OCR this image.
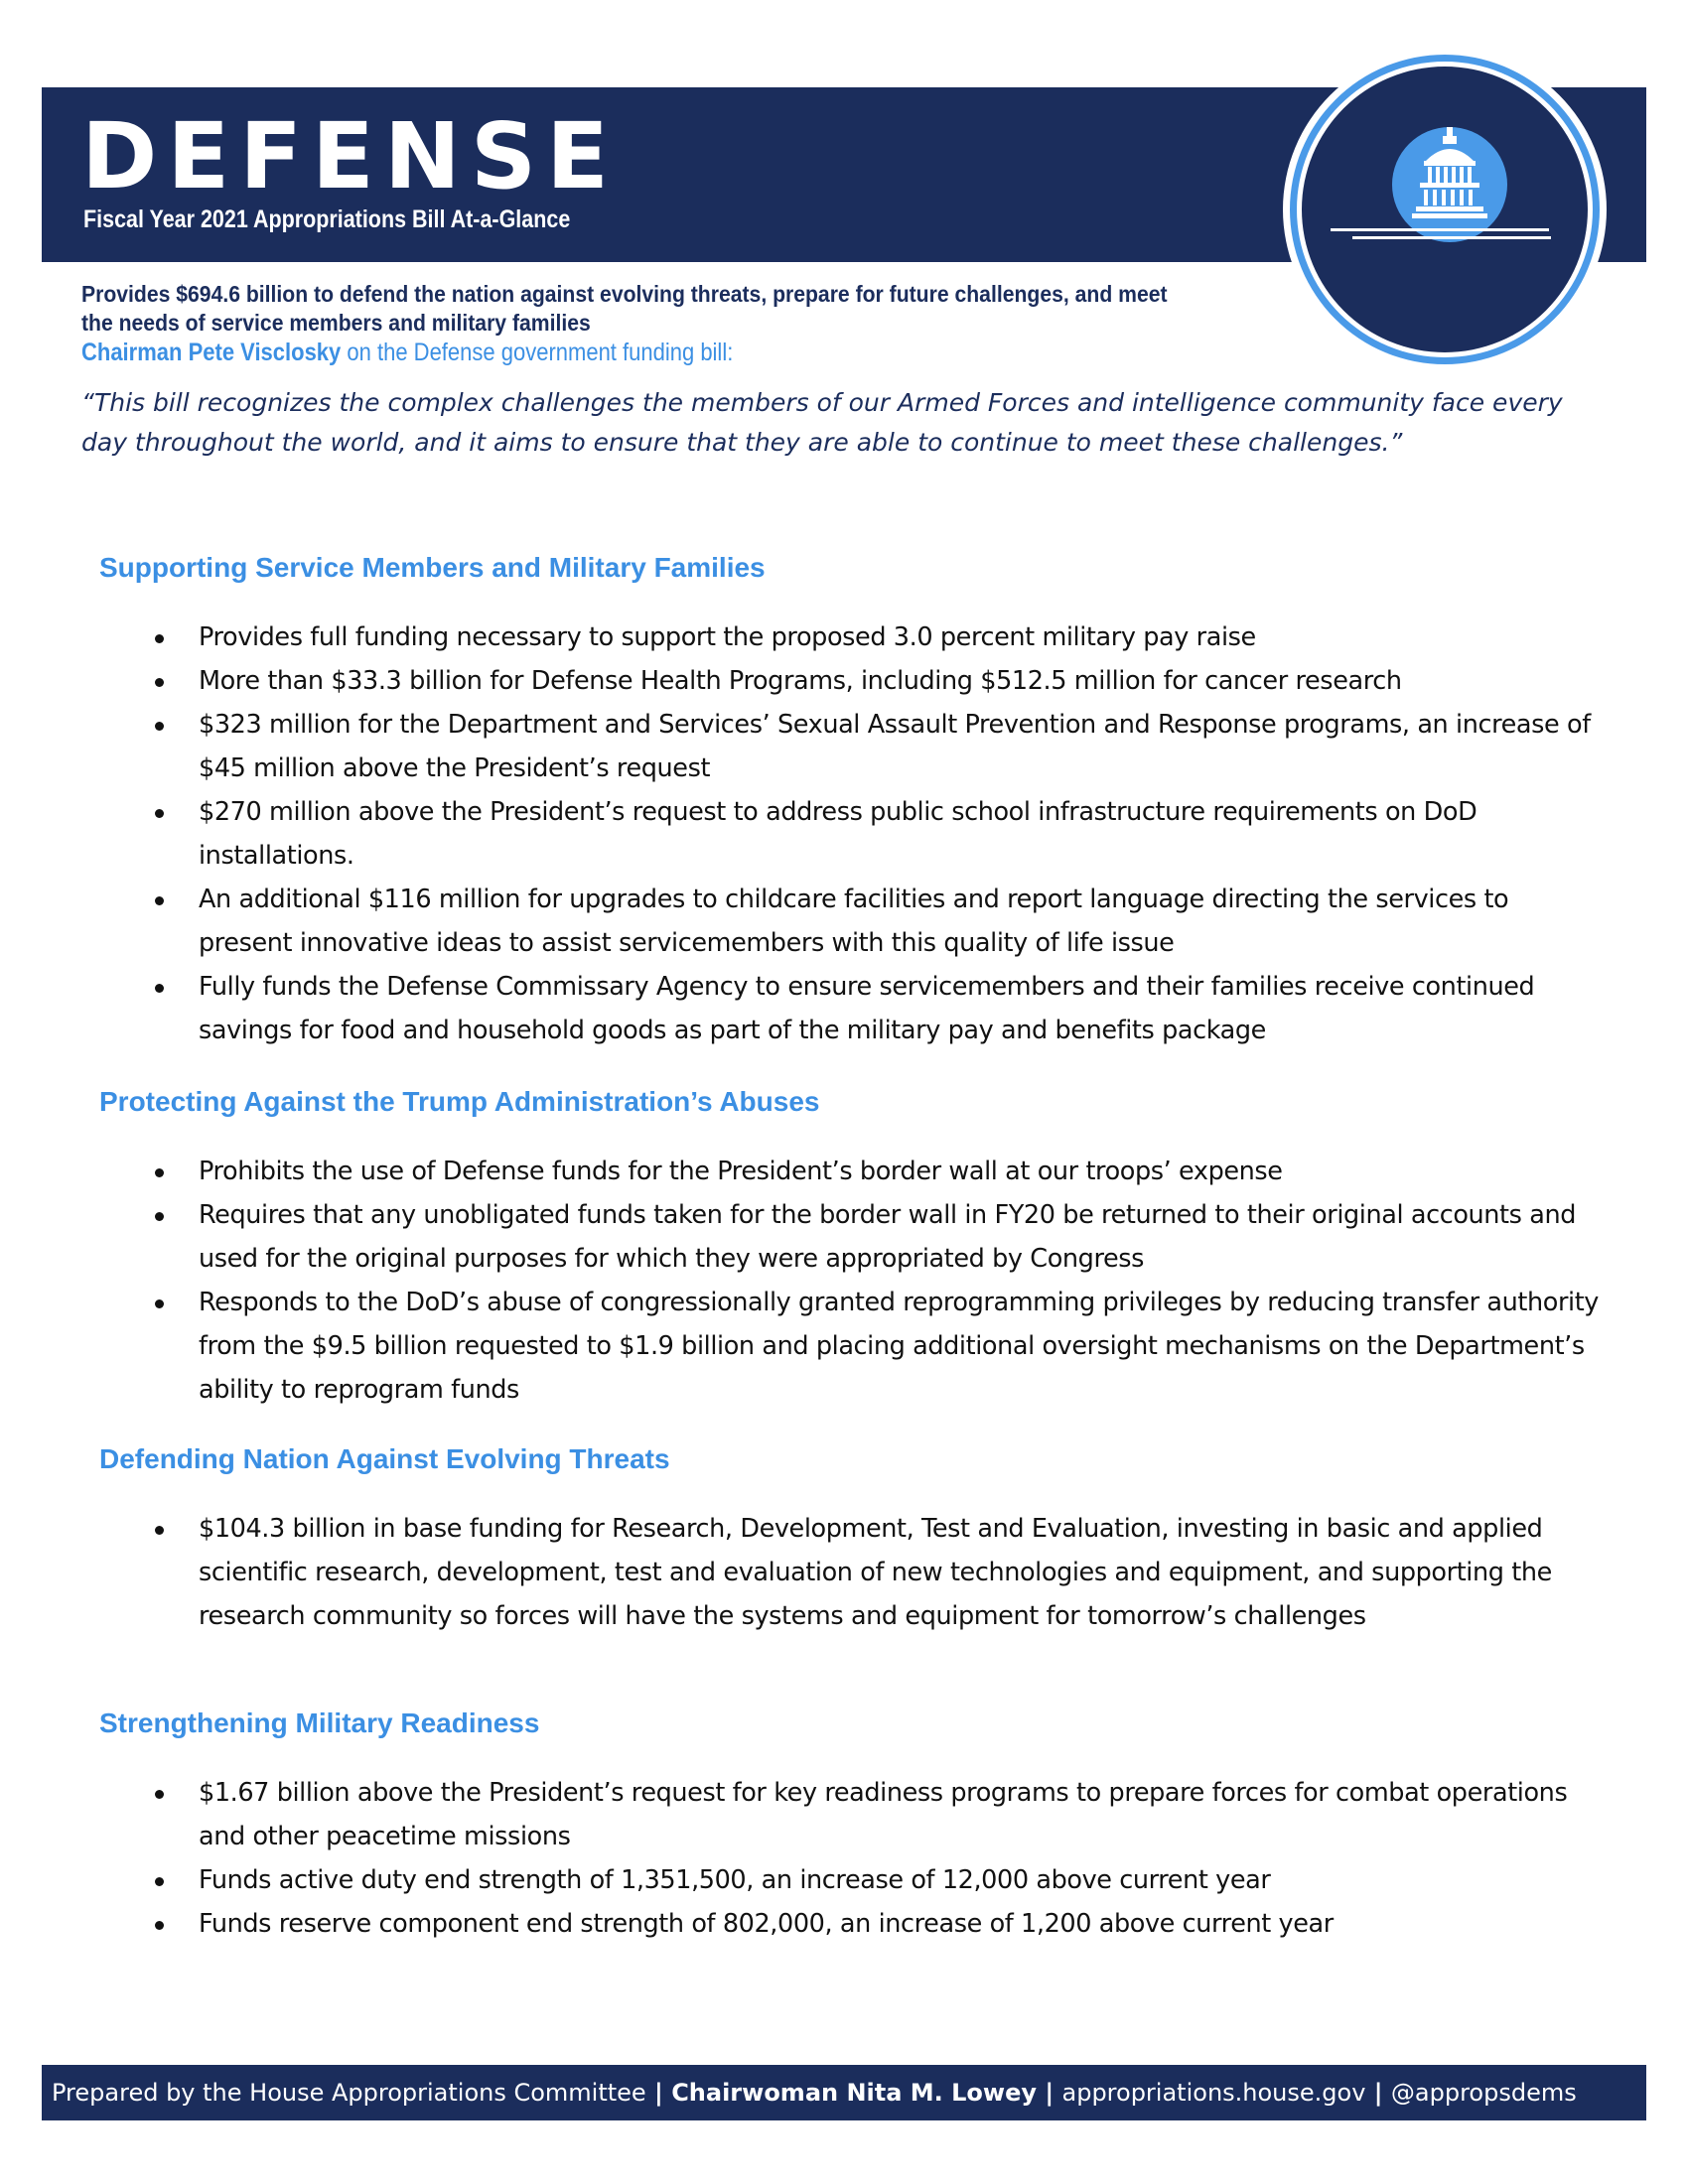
DEFENSE
Fiscal Year 2021 Appropriations Bill At-a-Glance
Provides $694.6 billion to defend the nation against evolving threats, prepare for future challenges, and meet the needs of service members and military families
Chairman Pete Visclosky on the Defense government funding bill:
“This bill recognizes the complex challenges the members of our Armed Forces and intelligence community face every day throughout the world, and it aims to ensure that they are able to continue to meet these challenges.”
Supporting Service Members and Military Families
Provides full funding necessary to support the proposed 3.0 percent military pay raise
More than $33.3 billion for Defense Health Programs, including $512.5 million for cancer research
$323 million for the Department and Services’ Sexual Assault Prevention and Response programs, an increase of $45 million above the President’s request
$270 million above the President’s request to address public school infrastructure requirements on DoD installations.
An additional $116 million for upgrades to childcare facilities and report language directing the services to present innovative ideas to assist servicemembers with this quality of life issue
Fully funds the Defense Commissary Agency to ensure servicemembers and their families receive continued savings for food and household goods as part of the military pay and benefits package
Protecting Against the Trump Administration’s Abuses
Prohibits the use of Defense funds for the President’s border wall at our troops’ expense
Requires that any unobligated funds taken for the border wall in FY20 be returned to their original accounts and used for the original purposes for which they were appropriated by Congress
Responds to the DoD’s abuse of congressionally granted reprogramming privileges by reducing transfer authority from the $9.5 billion requested to $1.9 billion and placing additional oversight mechanisms on the Department’s ability to reprogram funds
Defending Nation Against Evolving Threats
$104.3 billion in base funding for Research, Development, Test and Evaluation, investing in basic and applied scientific research, development, test and evaluation of new technologies and equipment, and supporting the research community so forces will have the systems and equipment for tomorrow’s challenges
Strengthening Military Readiness
$1.67 billion above the President’s request for key readiness programs to prepare forces for combat operations and other peacetime missions
Funds active duty end strength of 1,351,500, an increase of 12,000 above current year
Funds reserve component end strength of 802,000, an increase of 1,200 above current year
Prepared by the House Appropriations Committee | Chairwoman Nita M. Lowey | appropriations.house.gov | @appropsdems
